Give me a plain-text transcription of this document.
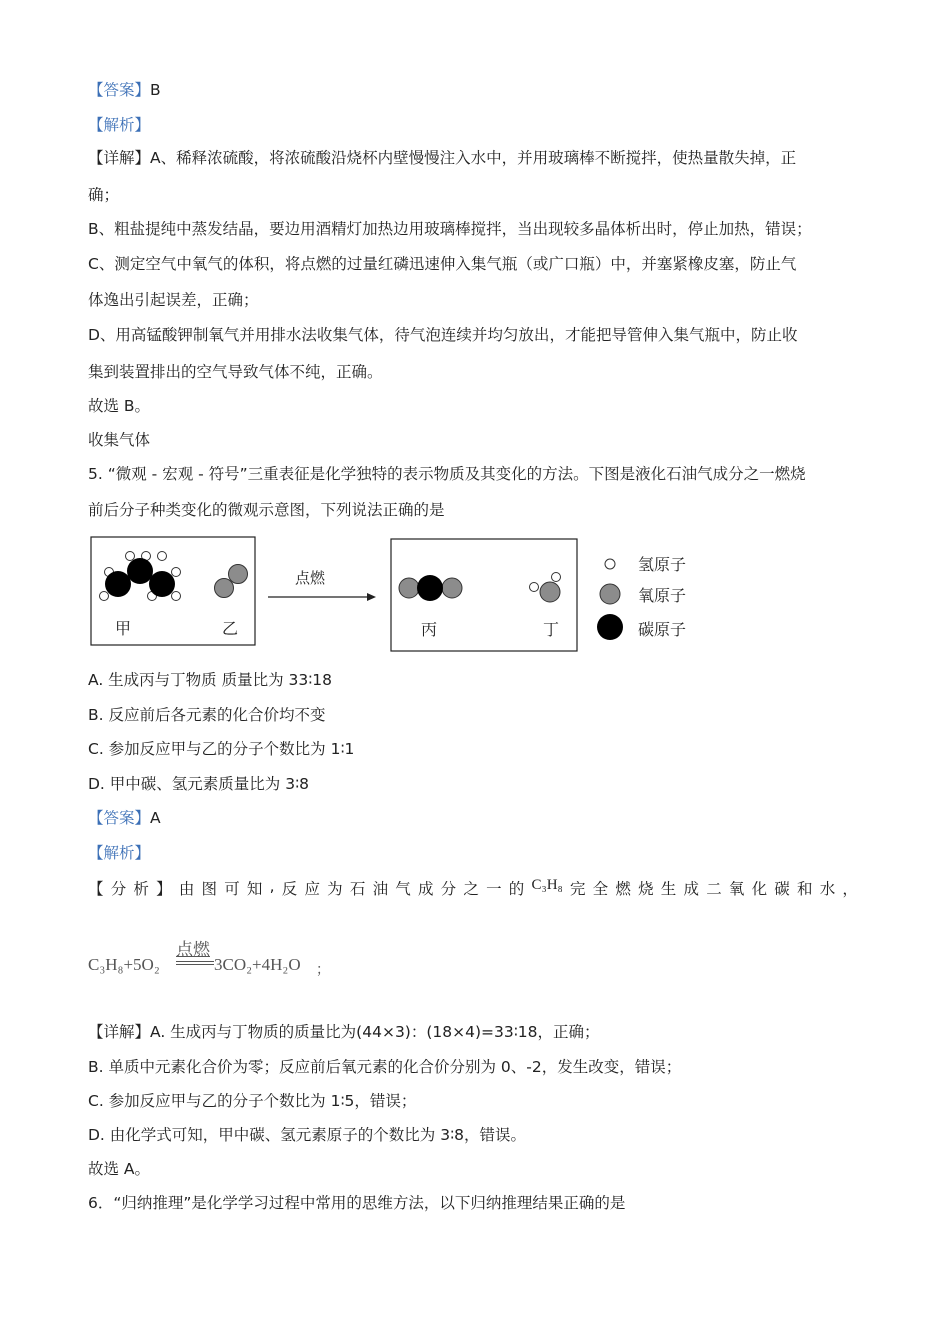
【答案】B
【解析】
【详解】A、稀释浓硫酸，将浓硫酸沿烧杯内壁慢慢注入水中，并用玻璃棒不断搅拌，使热量散失掉，正
确；
B、粗盐提纯中蒸发结晶，要边用酒精灯加热边用玻璃棒搅拌，当出现较多晶体析出时，停止加热，错误；
C、测定空气中氧气的体积，将点燃的过量红磷迅速伸入集气瓶（或广口瓶）中，并塞紧橡皮塞，防止气
体逸出引起误差，正确；
D、用高锰酸钾制氧气并用排水法收集气体，待气泡连续并均匀放出，才能把导管伸入集气瓶中，防止收
集到装置排出的空气导致气体不纯，正确。
故选 B。
收集气体
5. “微观 - 宏观 - 符号”三重表征是化学独特的表示物质及其变化的方法。下图是液化石油气成分之一燃烧
前后分子种类变化的微观示意图，下列说法正确的是
甲	乙
点燃
丙	丁
氢原子
氧原子
碳原子
A. 生成丙与丁物质 质量比为 33∶18
B. 反应前后各元素的化合价均不变
C. 参加反应甲与乙的分子个数比为 1∶1
D. 甲中碳、氢元素质量比为 3∶8
【答案】A
【解析】
【 分 析 】 由 图 可 知 , 反 应 为 石 油 气 成 分 之 一 的 C₃H₈ 完 全 燃 烧 生 成 二 氧 化 碳 和 水 ，
点燃
C₃H₈+5O₂	3CO₂+4H₂O ；
【详解】A. 生成丙与丁物质的质量比为(44×3)：(18×4)=33∶18，正确；
B. 单质中元素化合价为零；反应前后氧元素的化合价分别为 0、-2，发生改变，错误；
C. 参加反应甲与乙的分子个数比为 1∶5，错误；
D. 由化学式可知，甲中碳、氢元素原子的个数比为 3∶8，错误。
故选 A。
6．“归纳推理”是化学学习过程中常用的思维方法，以下归纳推理结果正确的是
